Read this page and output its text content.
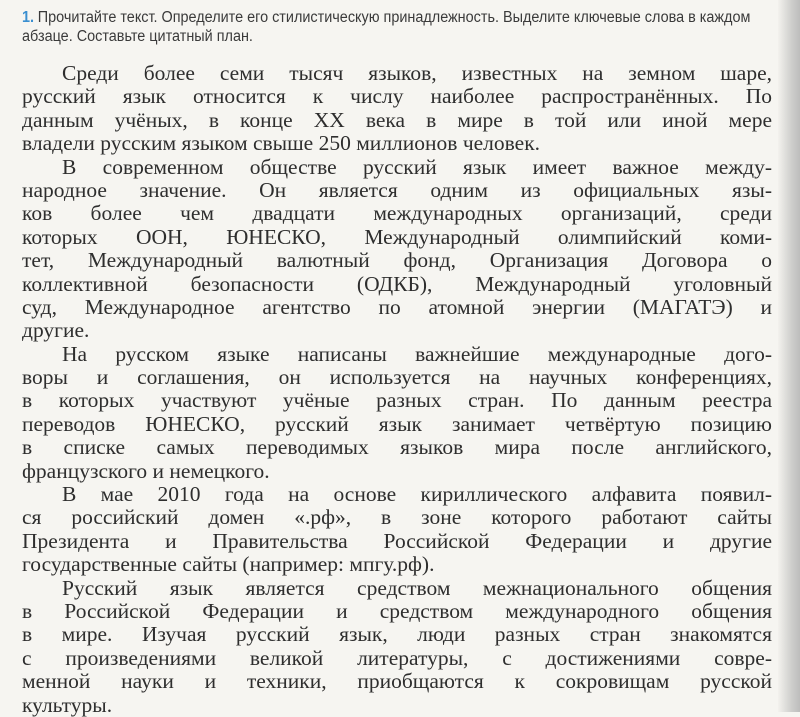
1. Прочитайте текст. Определите его стилистическую принадлежность. Выделите ключевые слова в каждом абзаце. Составьте цитатный план.
Среди более семи тысяч языков, известных на земном шаре,
русский язык относится к числу наиболее распространённых. По
данным учёных, в конце XX века в мире в той или иной мере
владели русским языком свыше 250 миллионов человек.
В современном обществе русский язык имеет важное между-
народное значение. Он является одним из официальных язы-
ков более чем двадцати международных организаций, среди
которых ООН, ЮНЕСКО, Международный олимпийский коми-
тет, Международный валютный фонд, Организация Договора о
коллективной безопасности (ОДКБ), Международный уголовный
суд, Международное агентство по атомной энергии (МАГАТЭ) и
другие.
На русском языке написаны важнейшие международные дого-
воры и соглашения, он используется на научных конференциях,
в которых участвуют учёные разных стран. По данным реестра
переводов ЮНЕСКО, русский язык занимает четвёртую позицию
в списке самых переводимых языков мира после английского,
французского и немецкого.
В мае 2010 года на основе кириллического алфавита появил-
ся российский домен «.рф», в зоне которого работают сайты
Президента и Правительства Российской Федерации и другие
государственные сайты (например: мпгу.рф).
Русский язык является средством межнационального общения
в Российской Федерации и средством международного общения
в мире. Изучая русский язык, люди разных стран знакомятся
с произведениями великой литературы, с достижениями совре-
менной науки и техники, приобщаются к сокровищам русской
культуры.
